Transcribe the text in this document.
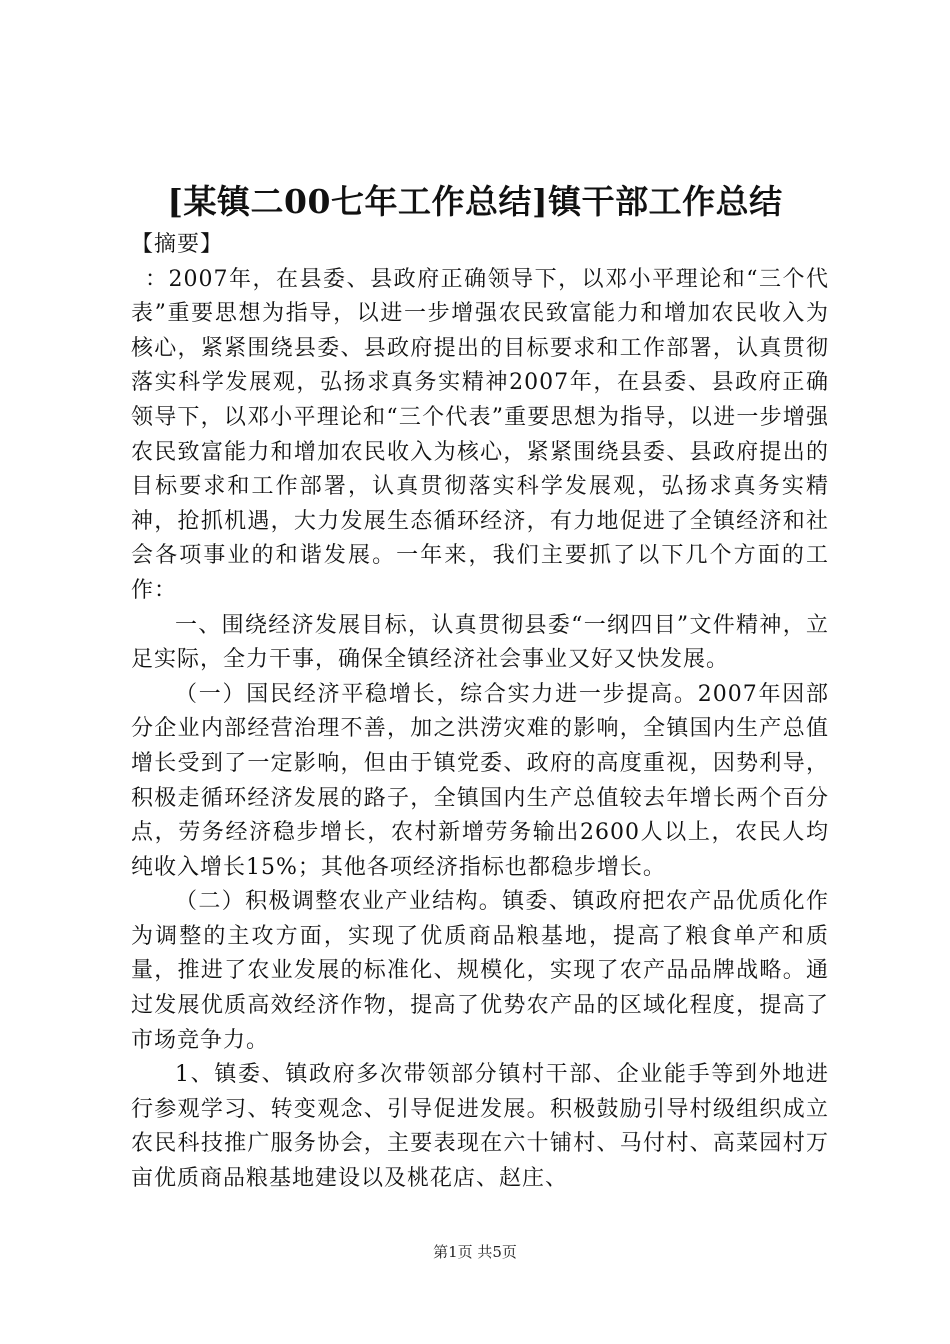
[某镇二00七年工作总结]镇干部工作总结

【摘要】

：2007年，在县委、县政府正确领导下，以邓小平理论和“三个代表”重要思想为指导，以进一步增强农民致富能力和增加农民收入为核心，紧紧围绕县委、县政府提出的目标要求和工作部署，认真贯彻落实科学发展观，弘扬求真务实精神2007年，在县委、县政府正确领导下，以邓小平理论和“三个代表”重要思想为指导，以进一步增强农民致富能力和增加农民收入为核心，紧紧围绕县委、县政府提出的目标要求和工作部署，认真贯彻落实科学发展观，弘扬求真务实精神，抢抓机遇，大力发展生态循环经济，有力地促进了全镇经济和社会各项事业的和谐发展。一年来，我们主要抓了以下几个方面的工作：

一、围绕经济发展目标，认真贯彻县委“一纲四目”文件精神，立足实际，全力干事，确保全镇经济社会事业又好又快发展。

（一）国民经济平稳增长，综合实力进一步提高。2007年因部分企业内部经营治理不善，加之洪涝灾难的影响，全镇国内生产总值增长受到了一定影响，但由于镇党委、政府的高度重视，因势利导，积极走循环经济发展的路子，全镇国内生产总值较去年增长两个百分点，劳务经济稳步增长，农村新增劳务输出2600人以上，农民人均纯收入增长15%；其他各项经济指标也都稳步增长。

（二）积极调整农业产业结构。镇委、镇政府把农产品优质化作为调整的主攻方面，实现了优质商品粮基地，提高了粮食单产和质量，推进了农业发展的标准化、规模化，实现了农产品品牌战略。通过发展优质高效经济作物，提高了优势农产品的区域化程度，提高了市场竞争力。

1、镇委、镇政府多次带领部分镇村干部、企业能手等到外地进行参观学习、转变观念、引导促进发展。积极鼓励引导村级组织成立农民科技推广服务协会，主要表现在六十铺村、马付村、高菜园村万亩优质商品粮基地建设以及桃花店、赵庄、

第1页 共5页
